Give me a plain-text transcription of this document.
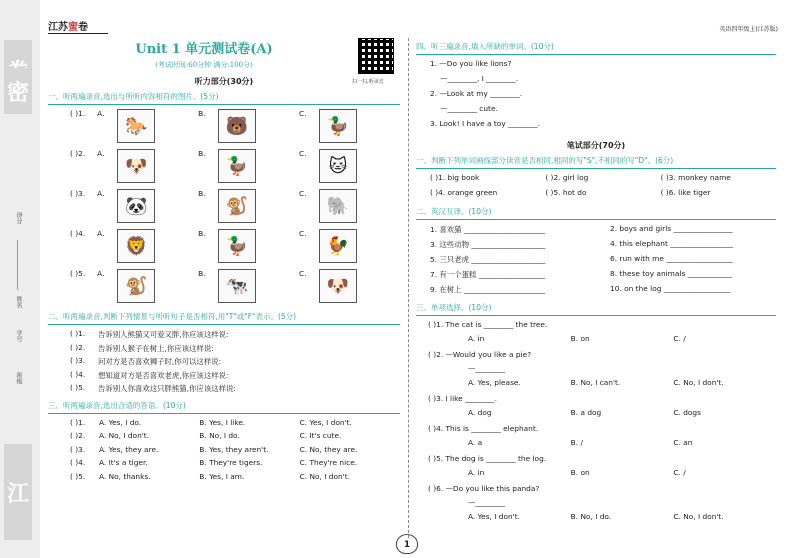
密
得分
姓名
学号
班级
江
江苏蜜卷	英语四年级上(江苏版)
Unit 1 单元测试卷(A)
(考试时间:60分钟 满分:100分)
扫一扫,听录音
听力部分(30分)
一、听两遍录音,选出与所听内容相符的图片。(5分)
( )1.	A.
🐎
B.
🐻
C.
🦆
( )2.	A.
🐶
B.
🦆
C.
🐱
( )3.	A.
🐼
B.
🐒
C.
🐘
( )4.	A.
🦁
B.
🦆
C.
🐓
( )5.	A.
🐒
B.
🐄
C.
🐶
二、听两遍录音,判断下列情景与所听句子是否相符,用"T"或"F"表示。(5分)
( )1.	告诉别人熊猫又可爱又胖,你应该这样说:
( )2.	告诉别人猴子在树上,你应该这样说:
( )3.	问对方是否喜欢狮子时,你可以这样说:
( )4.	想知道对方是否喜欢老虎,你应该这样说:
( )5.	告诉别人你喜欢这只胖熊猫,你应该这样说:
三、听两遍录音,选出合适的答语。(10分)
( )1.	A. Yes, I do.	B. Yes, I like.	C. Yes, I don't.
( )2.	A. No, I don't.	B. No, I do.	C. It's cute.
( )3.	A. Yes, they are.	B. Yes, they aren't.	C. No, they are.
( )4.	A. It's a tiger.	B. They're tigers.	C. They're nice.
( )5.	A. No, thanks.	B. Yes, I am.	C. No, I don't.
四、听三遍录音,填入所缺的单词。(10分)
1. —Do you like lions?
—________, I ________.
2. —Look at my ________.
—________ cute.
3. Look! I have a toy ________.
笔试部分(70分)
一、判断下列单词画线部分读音是否相同,相同的写"S",不相同的写"D"。(6分)
( )1. big book	( )2. girl log	( )3. monkey name
( )4. orange green	( )5. hot do	( )6. like tiger
二、英汉互译。(10分)
1. 喜欢猫 ______________________	2. boys and girls ________________
3. 这些动物 ____________________	4. this elephant _________________
5. 三只老虎 ____________________	6. run with me __________________
7. 有一个蛋糕 __________________	8. these toy animals ____________
9. 在树上 ______________________	10. on the log __________________
三、单项选择。(10分)
( )1. The cat is ________ the tree.
A. in	B. on	C. /
( )2. —Would you like a pie?
—________
A. Yes, please.	B. No, I can't.	C. No, I don't.
( )3. I like ________.
A. dog	B. a dog	C. dogs
( )4. This is ________ elephant.
A. a	B. /	C. an
( )5. The dog is ________ the log.
A. in	B. on	C. /
( )6. —Do you like this panda?
—________
A. Yes, I don't.	B. No, I do.	C. No, I don't.
1
